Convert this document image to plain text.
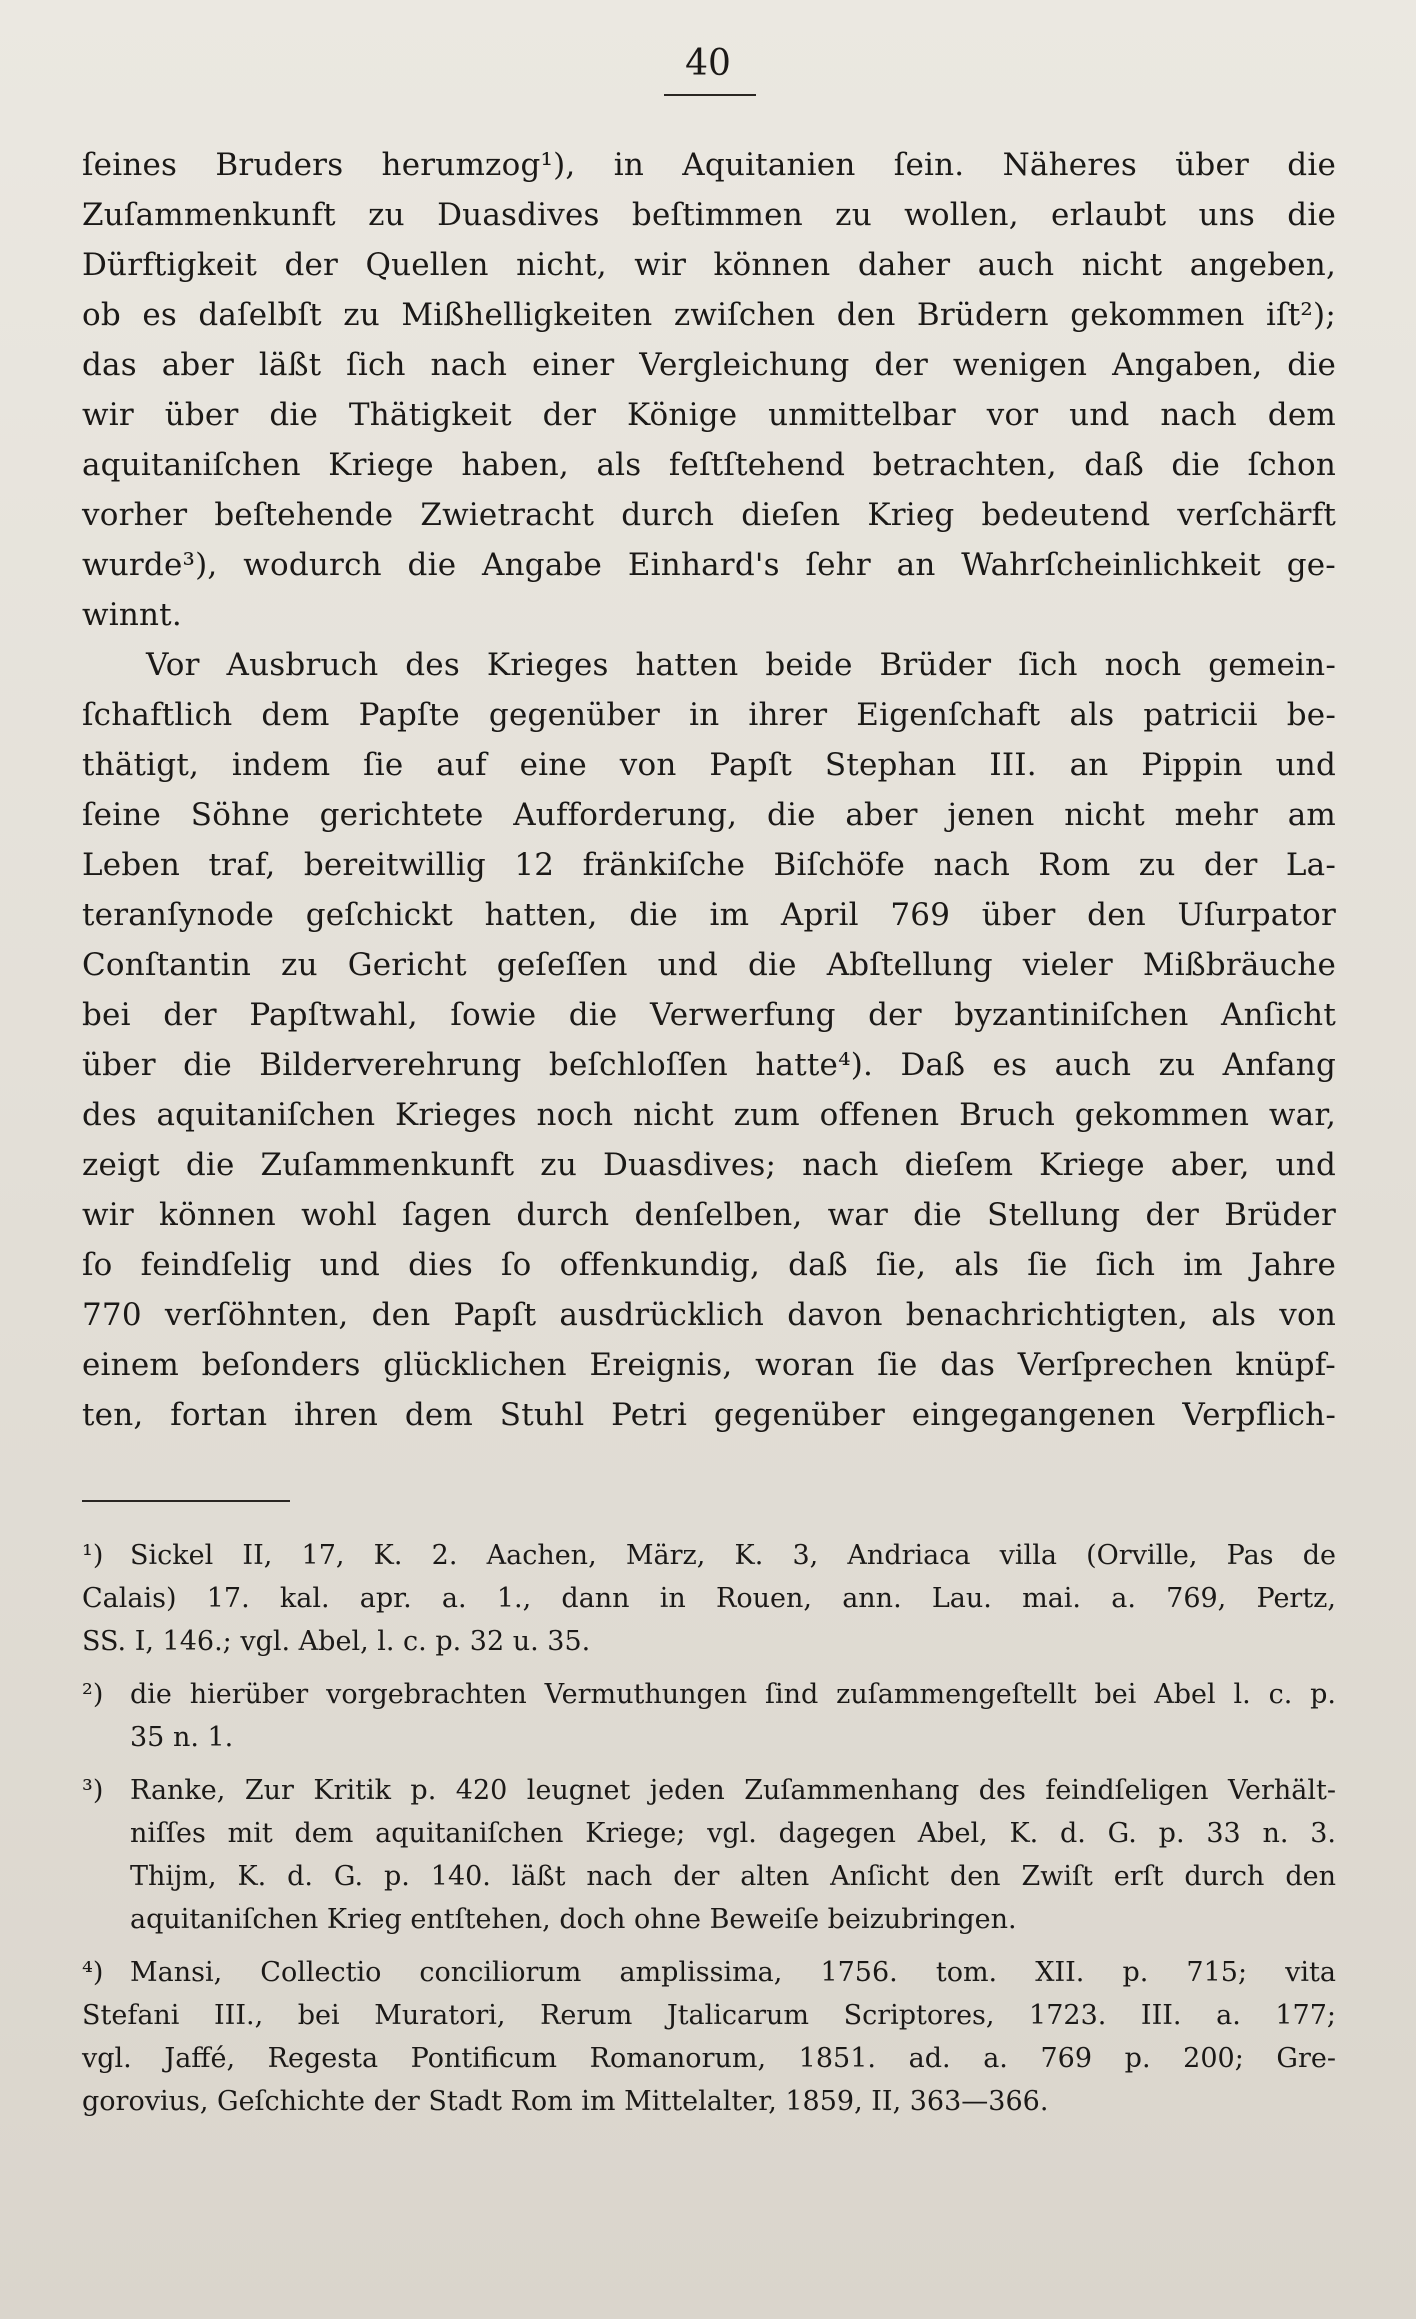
40
ſeines Bruders herumzog¹), in Aquitanien ſein. Näheres über die
Zuſammenkunft zu Duasdives beſtimmen zu wollen, erlaubt uns die
Dürftigkeit der Quellen nicht, wir können daher auch nicht angeben,
ob es daſelbſt zu Mißhelligkeiten zwiſchen den Brüdern gekommen iſt²);
das aber läßt ſich nach einer Vergleichung der wenigen Angaben, die
wir über die Thätigkeit der Könige unmittelbar vor und nach dem
aquitaniſchen Kriege haben, als feſtſtehend betrachten, daß die ſchon
vorher beſtehende Zwietracht durch dieſen Krieg bedeutend verſchärft
wurde³), wodurch die Angabe Einhard's ſehr an Wahrſcheinlichkeit ge-
winnt.
Vor Ausbruch des Krieges hatten beide Brüder ſich noch gemein-
ſchaftlich dem Papſte gegenüber in ihrer Eigenſchaft als patricii be-
thätigt, indem ſie auf eine von Papſt Stephan III. an Pippin und
ſeine Söhne gerichtete Aufforderung, die aber jenen nicht mehr am
Leben traf, bereitwillig 12 fränkiſche Biſchöfe nach Rom zu der La-
teranſynode geſchickt hatten, die im April 769 über den Uſurpator
Conſtantin zu Gericht geſeſſen und die Abſtellung vieler Mißbräuche
bei der Papſtwahl, ſowie die Verwerfung der byzantiniſchen Anſicht
über die Bilderverehrung beſchloſſen hatte⁴). Daß es auch zu Anfang
des aquitaniſchen Krieges noch nicht zum offenen Bruch gekommen war,
zeigt die Zuſammenkunft zu Duasdives; nach dieſem Kriege aber, und
wir können wohl ſagen durch denſelben, war die Stellung der Brüder
ſo feindſelig und dies ſo offenkundig, daß ſie, als ſie ſich im Jahre
770 verſöhnten, den Papſt ausdrücklich davon benachrichtigten, als von
einem beſonders glücklichen Ereignis, woran ſie das Verſprechen knüpf-
ten, fortan ihren dem Stuhl Petri gegenüber eingegangenen Verpflich-
¹) Sickel II, 17, K. 2. Aachen, März, K. 3, Andriaca villa (Orville, Pas de
Calais) 17. kal. apr. a. 1., dann in Rouen, ann. Lau. mai. a. 769, Pertz,
SS. I, 146.; vgl. Abel, l. c. p. 32 u. 35.
²) die hierüber vorgebrachten Vermuthungen ſind zuſammengeſtellt bei Abel l. c. p.
35 n. 1.
³) Ranke, Zur Kritik p. 420 leugnet jeden Zuſammenhang des feindſeligen Verhält-
niſſes mit dem aquitaniſchen Kriege; vgl. dagegen Abel, K. d. G. p. 33 n. 3.
Thijm, K. d. G. p. 140. läßt nach der alten Anſicht den Zwiſt erſt durch den
aquitaniſchen Krieg entſtehen, doch ohne Beweiſe beizubringen.
⁴) Mansi, Collectio conciliorum amplissima, 1756. tom. XII. p. 715; vita
Stefani III., bei Muratori, Rerum Jtalicarum Scriptores, 1723. III. a. 177;
vgl. Jaffé, Regesta Pontificum Romanorum, 1851. ad. a. 769 p. 200; Gre-
gorovius, Geſchichte der Stadt Rom im Mittelalter, 1859, II, 363—366.
